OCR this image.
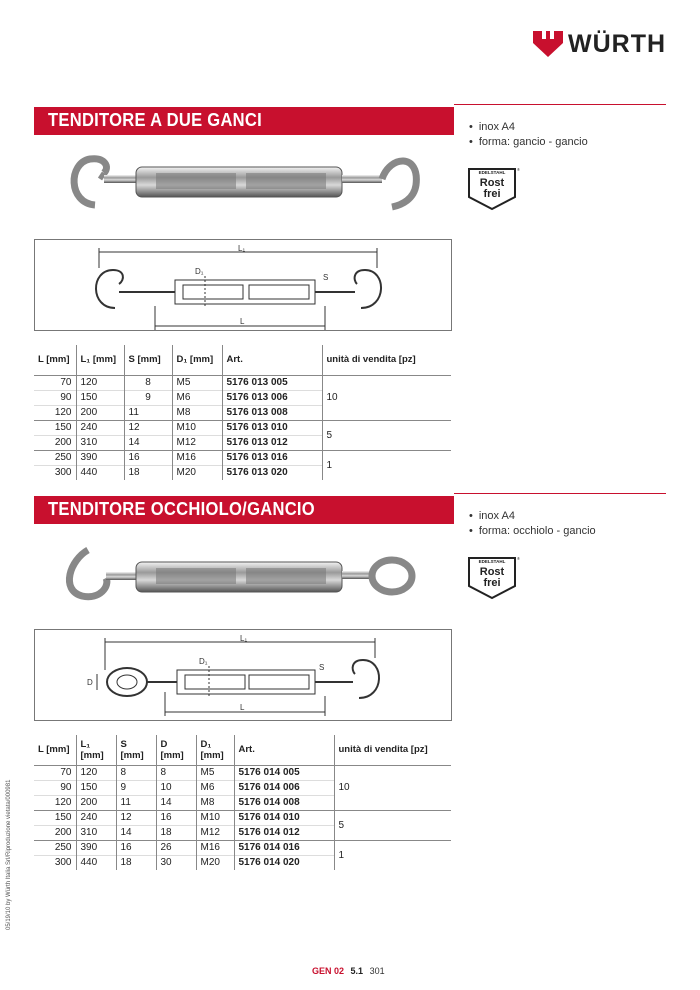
WÜRTH
TENDITORE A DUE GANCI	• inox A4
• forma: gancio - gancio
EDELSTAHL
Rost
frei
®
L₁
D₁
S
L
L [mm]	L₁ [mm]	S [mm]	D₁ [mm]	Art.	unità di vendita [pz]
70	120	8	M5	5176 013 005	10
90	150	9	M6	5176 013 006	
120	200	11	M8	5176 013 008	
150	240	12	M10	5176 013 010	5
200	310	14	M12	5176 013 012	
250	390	16	M16	5176 013 016	1
300	440	18	M20	5176 013 020	
TENDITORE OCCHIOLO/GANCIO	• inox A4
• forma: occhiolo - gancio
EDELSTAHL
Rost
frei
®
L₁
D₁
S
D
L
L [mm]	L₁ [mm]	S [mm]	D [mm]	D₁ [mm]	Art.	unità di vendita [pz]
70	120	8	8	M5	5176 014 005	10
90	150	9	10	M6	5176 014 006	
120	200	11	14	M8	5176 014 008	
150	240	12	16	M10	5176 014 010	5
200	310	14	18	M12	5176 014 012	
250	390	16	26	M16	5176 014 016	1
300	440	18	30	M20	5176 014 020	
05/19/10 by Würth Italia Srl/Riproduzione vietata/000981
GEN 02 5.1 301
